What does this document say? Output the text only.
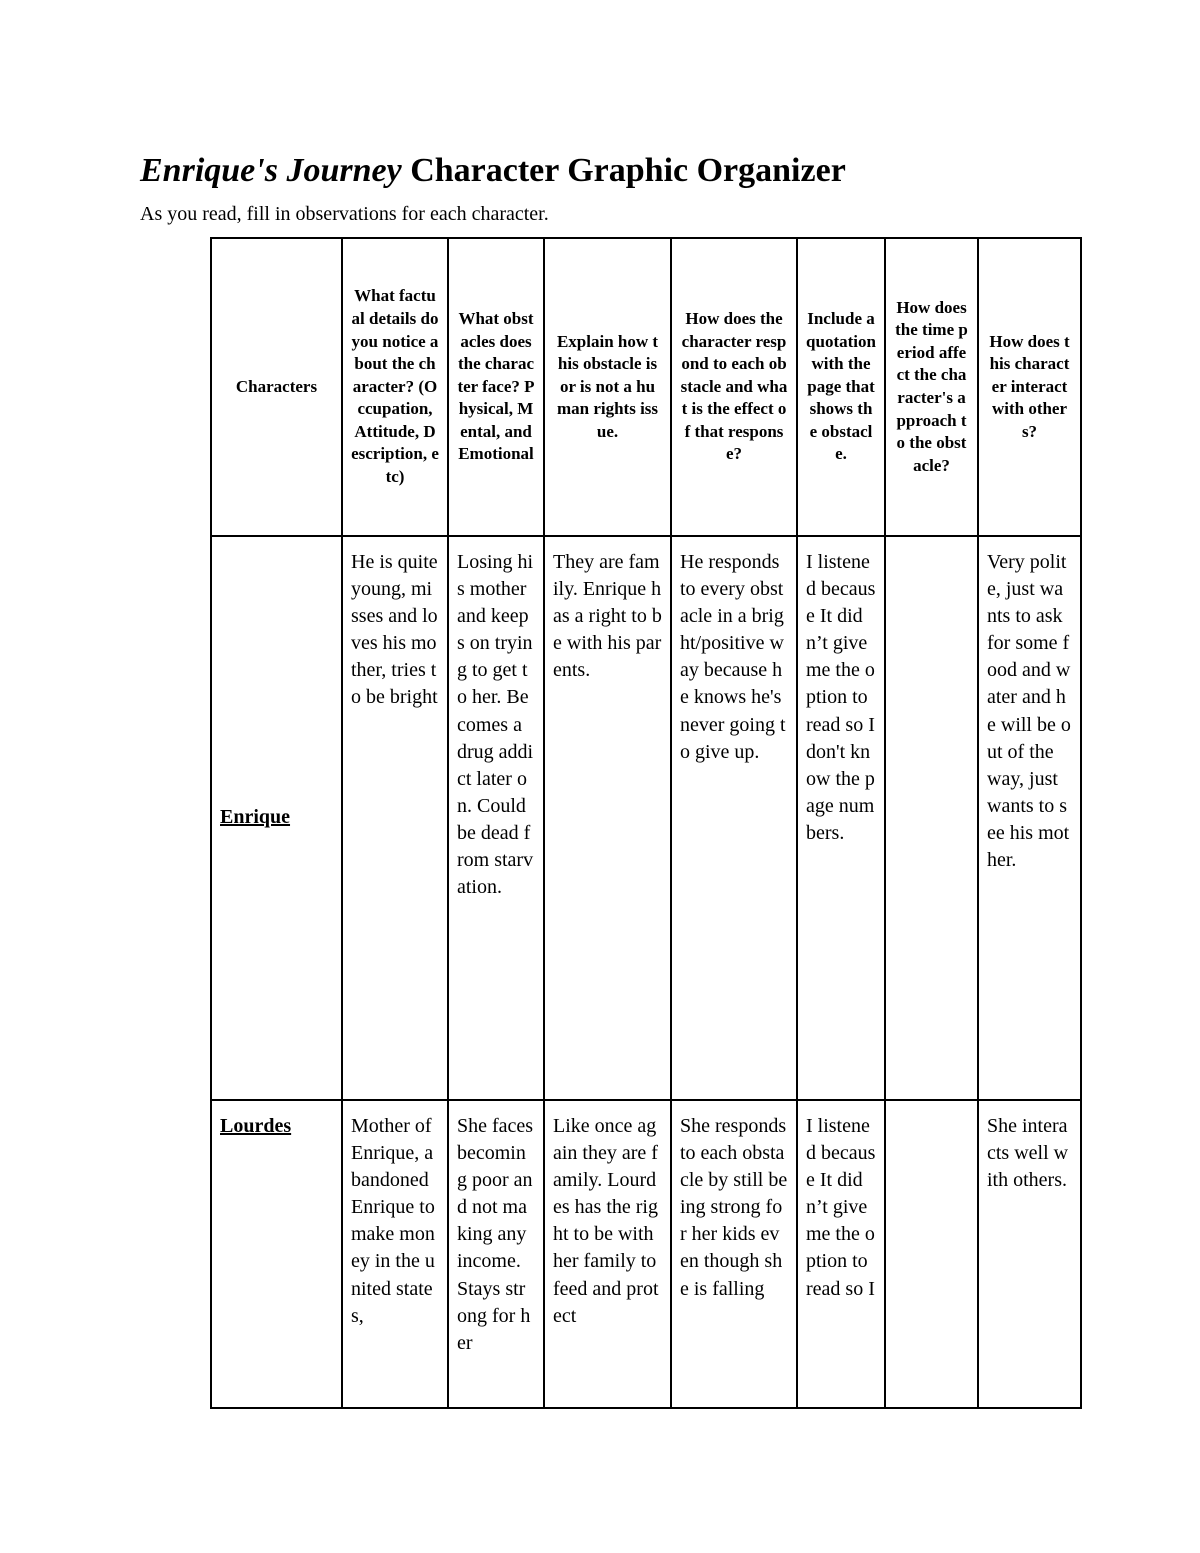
Enrique's Journey Character Graphic Organizer
As you read, fill in observations for each character.
Characters	What factual details do you notice about the character? (Occupation, Attitude, Description, etc)	What obstacles does the character face? Physical, Mental, and Emotional	Explain how this obstacle is or is not a human rights issue.	How does the character respond to each obstacle and what is the effect of that response?	Include a quotation with the page that shows the obstacle.	How does the time period affect the character's approach to the obstacle?	How does this character interact with others?
Enrique	He is quite young, misses and loves his mother, tries to be bright	Losing his mother and keeps on trying to get to her. Becomes a drug addict later on. Could be dead from starvation.	They are family. Enrique has a right to be with his parents.	He responds to every obstacle in a bright/positive way because he knows he's never going to give up.	I listened because It didn’t give me the option to read so I don't know the page numbers.		Very polite, just wants to ask for some food and water and he will be out of the way, just wants to see his mother.
Lourdes	Mother of Enrique, abandoned Enrique to make money in the united states,	She faces becoming poor and not making any income. Stays strong for her	Like once again they are family. Lourdes has the right to be with her family to feed and protect	She responds to each obstacle by still being strong for her kids even though she is falling	I listened because It didn’t give me the option to read so I		She interacts well with others.
